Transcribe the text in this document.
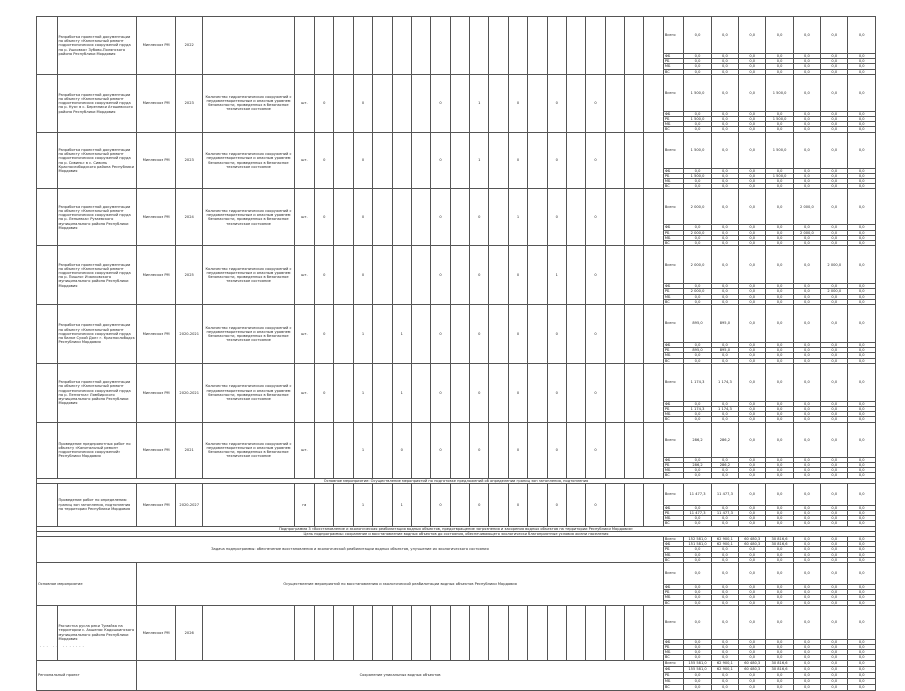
	Разработка проектной документации по объекту «Капитальный ремонт гидротехнических сооружений пруда на р. Ушковка» Зубово-Полянского района Республики Мордовия	Минлесхоз РМ	2022																					Всего	0,0	0,0	0,0	0,0	0,0	0,0	0,0
																								ФБ	0,0	0,0	0,0	0,0	0,0	0,0	0,0
																								РБ	0,0	0,0	0,0	0,0	0,0	0,0	0,0
																								МБ	0,0	0,0	0,0	0,0	0,0	0,0	0,0
																								ВС	0,0	0,0	0,0	0,0	0,0	0,0	0,0
	Разработка проектной документации по объекту «Капитальный ремонт гидротехнических сооружений пруда на р. Нуя» в с. Березники Атяшевского района Республики Мордовия	Минлесхоз РМ	2023	Количество гидротехнических сооружений с неудовлетворительным и опасным уровнем безопасности, приведенных в безопасное техническое состояние	шт.	0		0				0		1		0		0		0				Всего	1 500,0	0,0	0,0	1 500,0	0,0	0,0	0,0
																								ФБ	0,0	0,0	0,0	0,0	0,0	0,0	0,0
																								РБ	1 500,0	0,0	0,0	1 500,0	0,0	0,0	0,0
																								МБ	0,0	0,0	0,0	0,0	0,0	0,0	0,0
																								ВС	0,0	0,0	0,0	0,0	0,0	0,0	0,0
	Разработка проектной документации по объекту «Капитальный ремонт гидротехнических сооружений пруда на р. Сивинь» в с. Сивинь Краснослободского района Республики Мордовия	Минлесхоз РМ	2023	Количество гидротехнических сооружений с неудовлетворительным и опасным уровнем безопасности, приведенных в безопасное техническое состояние	шт.	0		0				0		1		0		0		0				Всего	1 500,0	0,0	0,0	1 500,0	0,0	0,0	0,0
																								ФБ	0,0	0,0	0,0	0,0	0,0	0,0	0,0
																								РБ	1 500,0	0,0	0,0	1 500,0	0,0	0,0	0,0
																								МБ	0,0	0,0	0,0	0,0	0,0	0,0	0,0
																								ВС	0,0	0,0	0,0	0,0	0,0	0,0	0,0
	Разработка проектной документации по объекту «Капитальный ремонт гидротехнических сооружений пруда на р. Лепьевка» Рузаевского муниципального района Республики Мордовия	Минлесхоз РМ	2024	Количество гидротехнических сооружений с неудовлетворительным и опасным уровнем безопасности, приведенных в безопасное техническое состояние	шт.	0		0				0		0		1		0		0				Всего	2 000,0	0,0	0,0	0,0	2 000,0	0,0	0,0
																								ФБ	0,0	0,0	0,0	0,0	0,0	0,0	0,0
																								РБ	2 000,0	0,0	0,0	0,0	2 000,0	0,0	0,0
																								МБ	0,0	0,0	0,0	0,0	0,0	0,0	0,0
																								ВС	0,0	0,0	0,0	0,0	0,0	0,0	0,0
	Разработка проектной документации по объекту «Капитальный ремонт гидротехнических сооружений пруда на р. Пишля» Ичалковского муниципального района Республики Мордовия	Минлесхоз РМ	2025	Количество гидротехнических сооружений с неудовлетворительным и опасным уровнем безопасности, приведенных в безопасное техническое состояние	шт.	0		0				0		0		0		1		0				Всего	2 000,0	0,0	0,0	0,0	0,0	2 000,0	0,0
																								ФБ	0,0	0,0	0,0	0,0	0,0	0,0	0,0
																								РБ	2 000,0	0,0	0,0	0,0	0,0	2 000,0	0,0
																								МБ	0,0	0,0	0,0	0,0	0,0	0,0	0,0
																								ВС	0,0	0,0	0,0	0,0	0,0	0,0	0,0
	Разработка проектной документации по объекту «Капитальный ремонт гидротехнических сооружений пруда на балке Сухой Дол» г. Краснослободск Республики Мордовия	Минлесхоз РМ	2020-2021	Количество гидротехнических сооружений с неудовлетворительным и опасным уровнем безопасности, приведенных в безопасное техническое состояние	шт.	0		1		1		0		0		0		0		0				Всего	895,0	895,0	0,0	0,0	0,0	0,0	0,0
																								ФБ	0,0	0,0	0,0	0,0	0,0	0,0	0,0
																								РБ	895,0	895,0	0,0	0,0	0,0	0,0	0,0
																								МБ	0,0	0,0	0,0	0,0	0,0	0,0	0,0
																								ВС	0,0	0,0	0,0	0,0	0,0	0,0	0,0
	Разработка проектной документации по объекту «Капитальный ремонт гидротехнических сооружений пруда на р. Пензятка» Лямбирского муниципального района Республики Мордовия	Минлесхоз РМ	2020-2021	Количество гидротехнических сооружений с неудовлетворительным и опасным уровнем безопасности, приведенных в безопасное техническое состояние	шт.	0		1		1		0		0		0		0		0				Всего	1 174,3	1 174,3	0,0	0,0	0,0	0,0	0,0
																								ФБ	0,0	0,0	0,0	0,0	0,0	0,0	0,0
																								РБ	1 174,3	1 174,3	0,0	0,0	0,0	0,0	0,0
																								МБ	0,0	0,0	0,0	0,0	0,0	0,0	0,0
																								ВС	0,0	0,0	0,0	0,0	0,0	0,0	0,0
	Проведение предпроектных работ по объекту «Капитальный ремонт гидротехнических сооружений» Республики Мордовия	Минлесхоз РМ	2021	Количество гидротехнических сооружений с неудовлетворительным и опасным уровнем безопасности, приведенных в безопасное техническое состояние	шт.			1		0		0		0		0		0		0				Всего	286,2	286,2	0,0	0,0	0,0	0,0	0,0
																								ФБ	0,0	0,0	0,0	0,0	0,0	0,0	0,0
																								РБ	286,2	286,2	0,0	0,0	0,0	0,0	0,0
																								МБ	0,0	0,0	0,0	0,0	0,0	0,0	0,0
																								ВС	0,0	0,0	0,0	0,0	0,0	0,0	0,0
Основное мероприятие: Осуществление мероприятий по подготовке предложений об определении границ зон затопления, подтопления																															
	Проведение работ по определению границ зон затопления, подтопления на территории Республики Мордовия	Минлесхоз РМ	2020-2027		га			1		1		0		0		0		0		0				Всего	11 477,3	11 477,3	0,0	0,0	0,0	0,0	0,0
																								ФБ	0,0	0,0	0,0	0,0	0,0	0,0	0,0
																								РБ	11 477,3	11 477,3	0,0	0,0	0,0	0,0	0,0
																								МБ	0,0	0,0	0,0	0,0	0,0	0,0	0,0
																								ВС	0,0	0,0	0,0	0,0	0,0	0,0	0,0
Подпрограмма 3 «Восстановление и экологическая реабилитация водных объектов, предотвращение загрязнения и засорения водных объектов на территории Республики Мордовия»																															
Цель подпрограммы: сохранение и восстановление водных объектов до состояния, обеспечивающего экологически благоприятные условия жизни населения																															
Задача подпрограммы: обеспечение восстановления и экологической реабилитации водных объектов, улучшение их экологического состояния																								Всего	152 581,0	62 900,1	60 480,3	30 816,6	0,0	0,0	0,0
																								ФБ	151 581,0	62 900,1	60 480,3	30 816,6	0,0	0,0	0,0
																								РБ	0,0	0,0	0,0	0,0	0,0	0,0	0,0
																								МБ	0,0	0,0	0,0	0,0	0,0	0,0	0,0
																								ВС	0,0	0,0	0,0	0,0	0,0	0,0	0,0
Основное мероприятие		Осуществление мероприятий по восстановлению и экологической реабилитации водных объектов Республики Мордовия																						Всего	0,0	0,0	0,0	0,0	0,0	0,0	0,0
																								ФБ	0,0	0,0	0,0	0,0	0,0	0,0	0,0
																								РБ	0,0	0,0	0,0	0,0	0,0	0,0	0,0
																								МБ	0,0	0,0	0,0	0,0	0,0	0,0	0,0
																								ВС	0,0	0,0	0,0	0,0	0,0	0,0	0,0
	Расчистка русла реки Тумайка на территории с. Акшенас Кадошкинского муниципального района Республики Мордовия	Минлесхоз РМ	2026																					Всего	0,0	0,0	0,0	0,0	0,0	0,0	0,0
																								ФБ	0,0	0,0	0,0	0,0	0,0	0,0	0,0
																								РБ	0,0	0,0	0,0	0,0	0,0	0,0	0,0
																								МБ	0,0	0,0	0,0	0,0	0,0	0,0	0,0
																								ВС	0,0	0,0	0,0	0,0	0,0	0,0	0,0
Региональный проект		Сохранение уникальных водных объектов																						Всего	155 581,0	62 900,1	60 480,3	30 816,6	0,0	0,0	0,0
																								ФБ	155 581,0	62 900,1	60 480,3	30 816,6	0,0	0,0	0,0
																								РБ	0,0	0,0	0,0	0,0	0,0	0,0	0,0
																								МБ	0,0	0,0	0,0	0,0	0,0	0,0	0,0
																								ВС	0,0	0,0	0,0	0,0	0,0	0,0	0,0
··· ·· ·······
